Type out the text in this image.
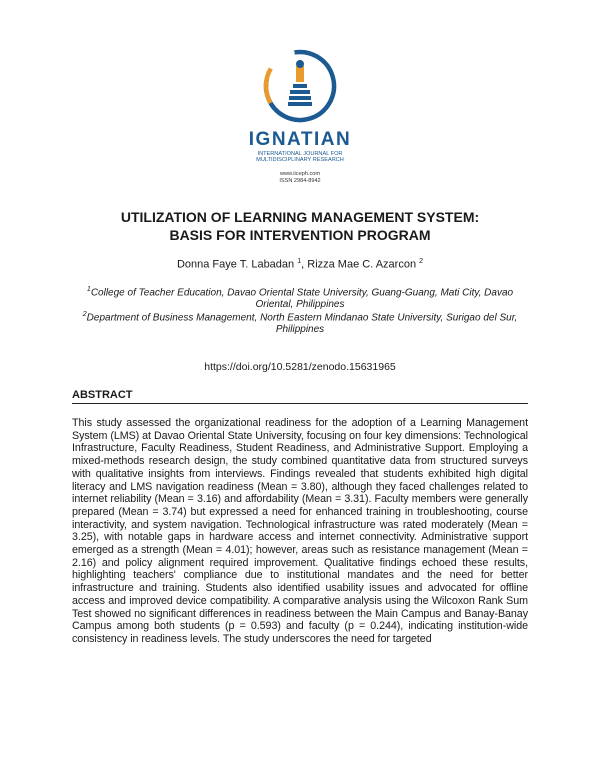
IGNATIAN
INTERNATIONAL JOURNAL FOR
MULTIDISCIPLINARY RESEARCH
www.iiceph.com
ISSN 2984-8942
UTILIZATION OF LEARNING MANAGEMENT SYSTEM:
BASIS FOR INTERVENTION PROGRAM
Donna Faye T. Labadan $^1$, Rizza Mae C. Azarcon $^2$
$^1$College of Teacher Education, Davao Oriental State University, Guang-Guang, Mati City, Davao Oriental, Philippines
$^2$Department of Business Management, North Eastern Mindanao State University, Surigao del Sur, Philippines
https://doi.org/10.5281/zenodo.15631965
ABSTRACT

This study assessed the organizational readiness for the adoption of a Learning Management System (LMS) at Davao Oriental State University, focusing on four key dimensions: Technological Infrastructure, Faculty Readiness, Student Readiness, and Administrative Support. Employing a mixed-methods research design, the study combined quantitative data from structured surveys with qualitative insights from interviews. Findings revealed that students exhibited high digital literacy and LMS navigation readiness (Mean = 3.80), although they faced challenges related to internet reliability (Mean = 3.16) and affordability (Mean = 3.31). Faculty members were generally prepared (Mean = 3.74) but expressed a need for enhanced training in troubleshooting, course interactivity, and system navigation. Technological infrastructure was rated moderately (Mean = 3.25), with notable gaps in hardware access and internet connectivity. Administrative support emerged as a strength (Mean = 4.01); however, areas such as resistance management (Mean = 2.16) and policy alignment required improvement. Qualitative findings echoed these results, highlighting teachers' compliance due to institutional mandates and the need for better infrastructure and training. Students also identified usability issues and advocated for offline access and improved device compatibility. A comparative analysis using the Wilcoxon Rank Sum Test showed no significant differences in readiness between the Main Campus and Banay-Banay Campus among both students (p = 0.593) and faculty (p = 0.244), indicating institution-wide consistency in readiness levels. The study underscores the need for targeted
